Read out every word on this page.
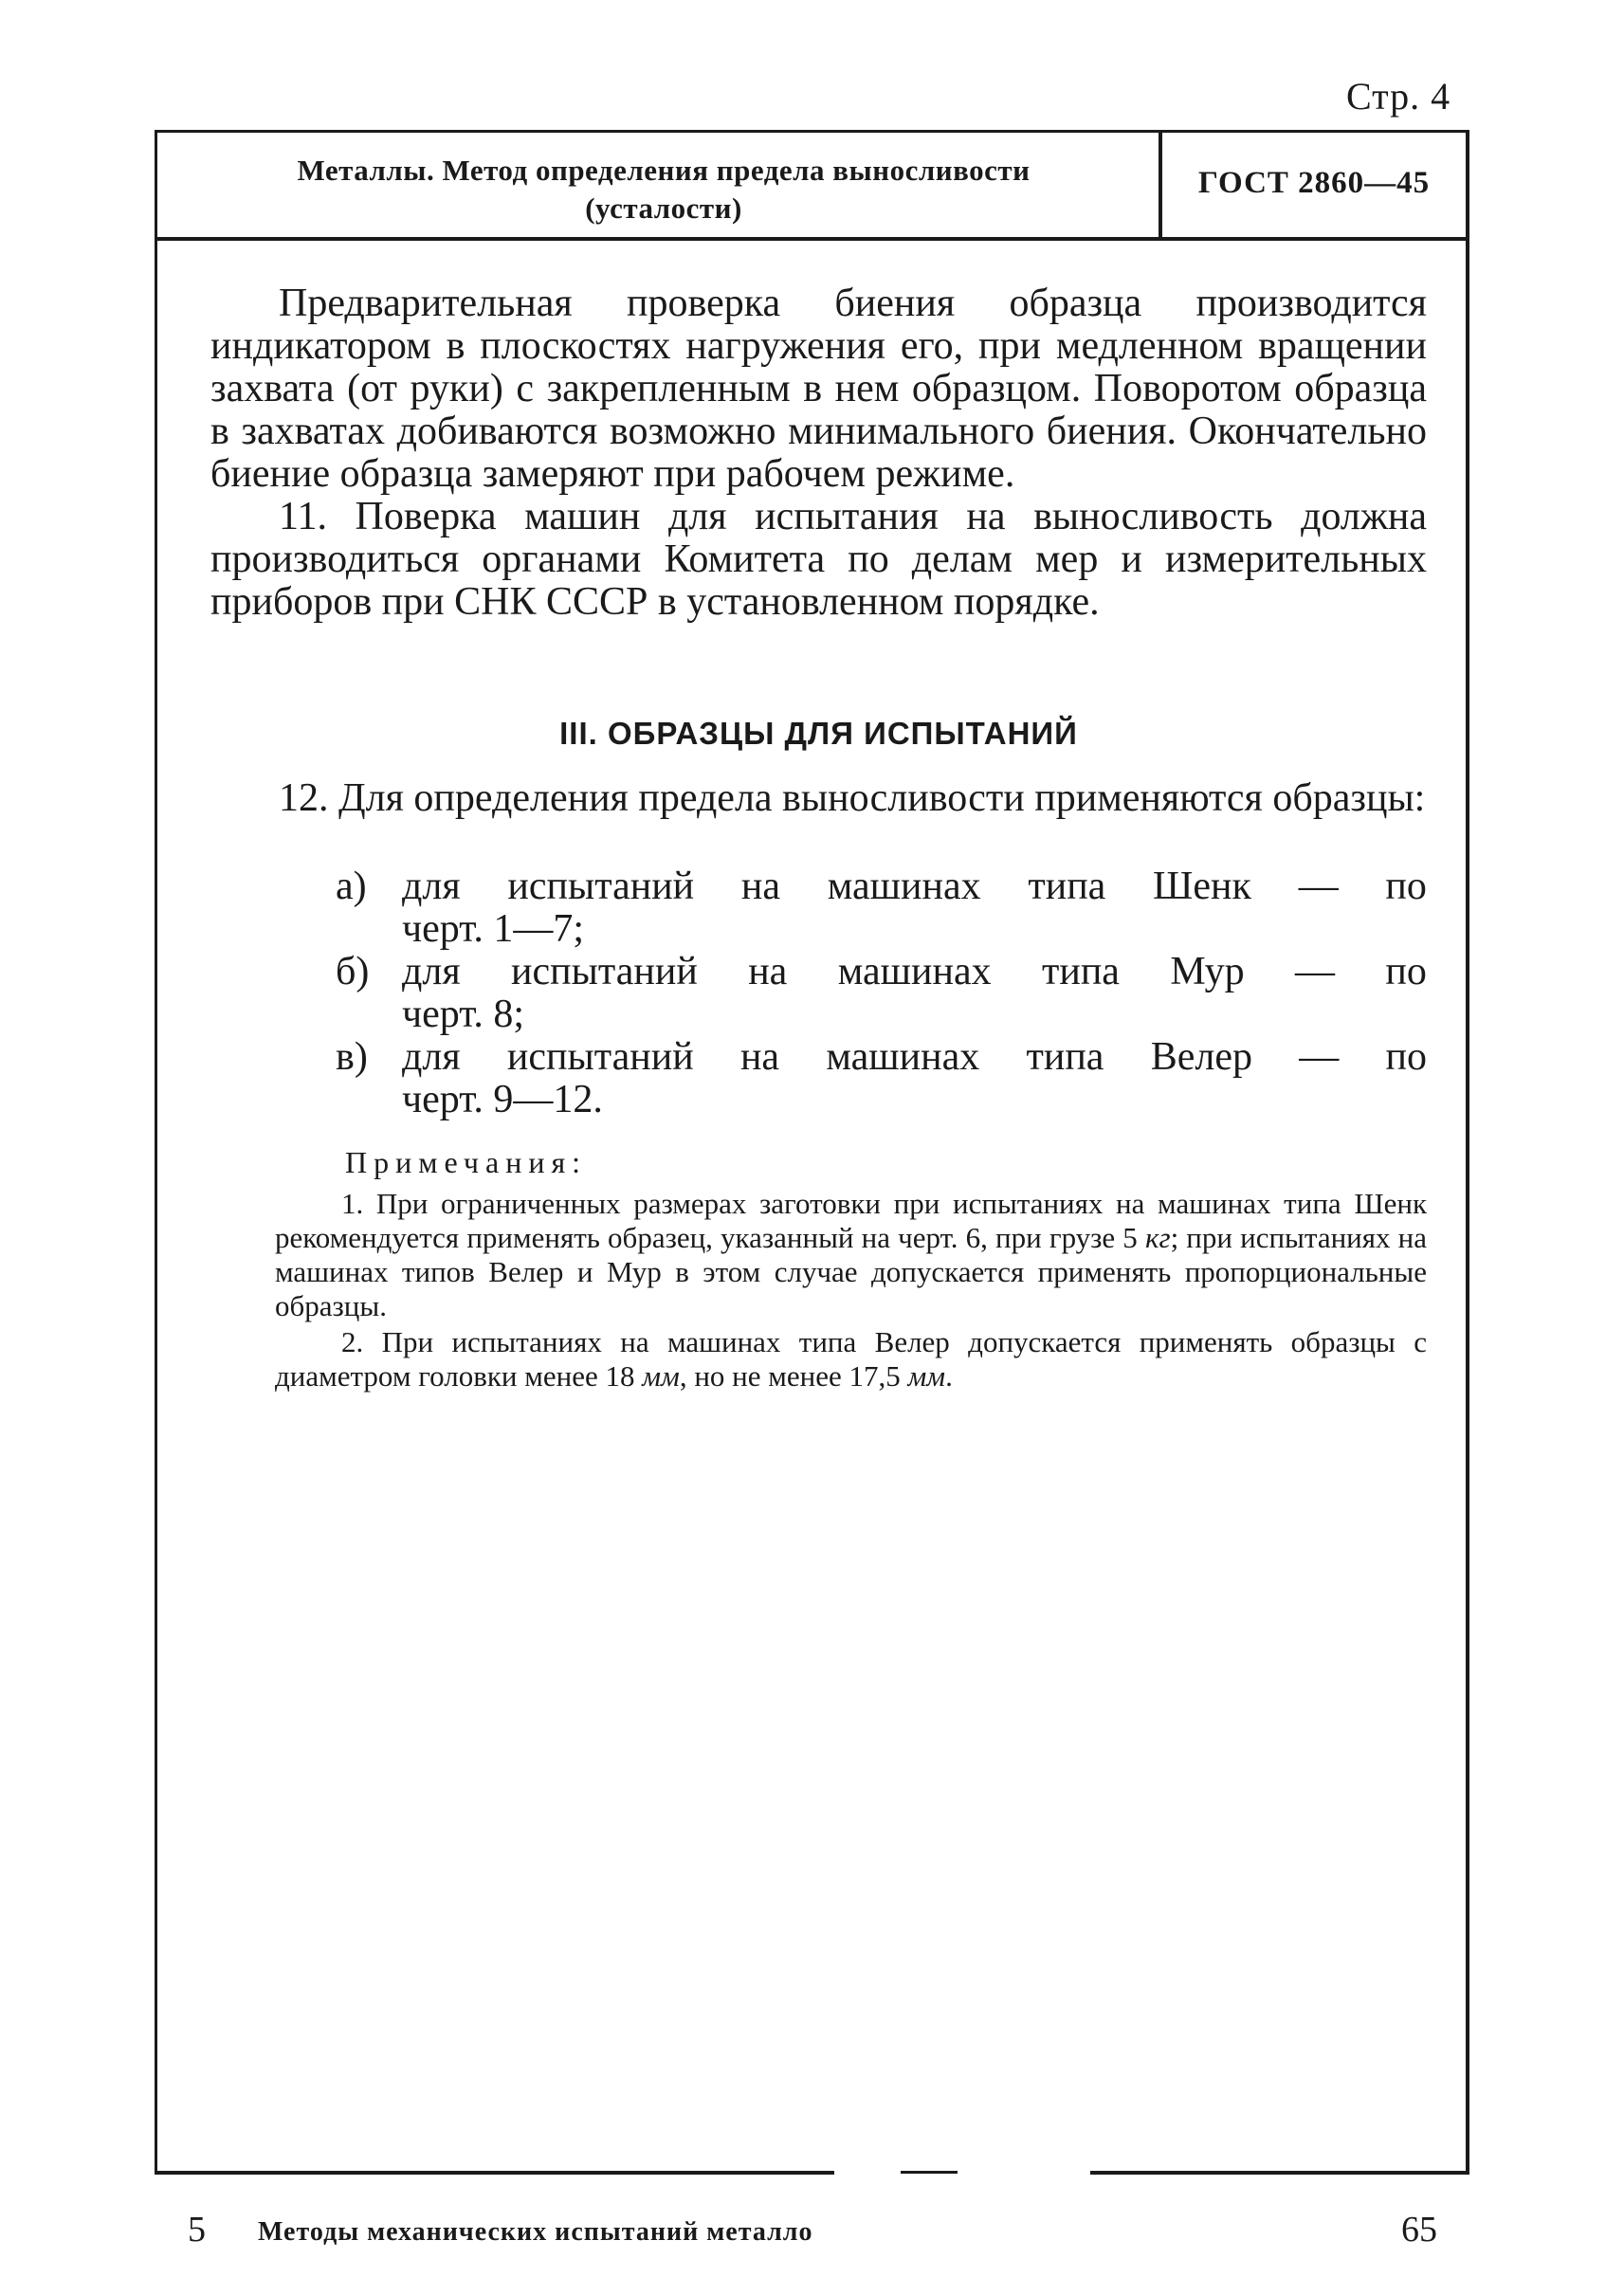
Стр. 4
Металлы. Метод определения предела выносливости
(усталости)
ГОСТ 2860—45

Предварительная проверка биения образца производится индикатором в плоскостях нагружения его, при медленном вращении захвата (от руки) с закрепленным в нем образцом. Поворотом образца в захватах добиваются возможно минимального биения. Окончательно биение образца замеряют при рабочем режиме.

11. Поверка машин для испытания на выносливость должна производиться органами Комитета по делам мер и измерительных приборов при СНК СССР в установленном порядке.

III. ОБРАЗЦЫ ДЛЯ ИСПЫТАНИЙ

12. Для определения предела выносливости применяются образцы:

а) для испытаний на машинах типа Шенк — по
черт. 1—7;
б) для испытаний на машинах типа Мур — по
черт. 8;
в) для испытаний на машинах типа Велер — по
черт. 9—12.
Примечания:

1. При ограниченных размерах заготовки при испытаниях на машинах типа Шенк рекомендуется применять образец, указанный на черт. 6, при грузе 5 кг; при испытаниях на машинах типов Велер и Мур в этом случае допускается применять пропорциональные образцы.

2. При испытаниях на машинах типа Велер допускается применять образцы с диаметром головки менее 18 мм, но не менее 17,5 мм.

5 Методы механических испытаний металло	65
